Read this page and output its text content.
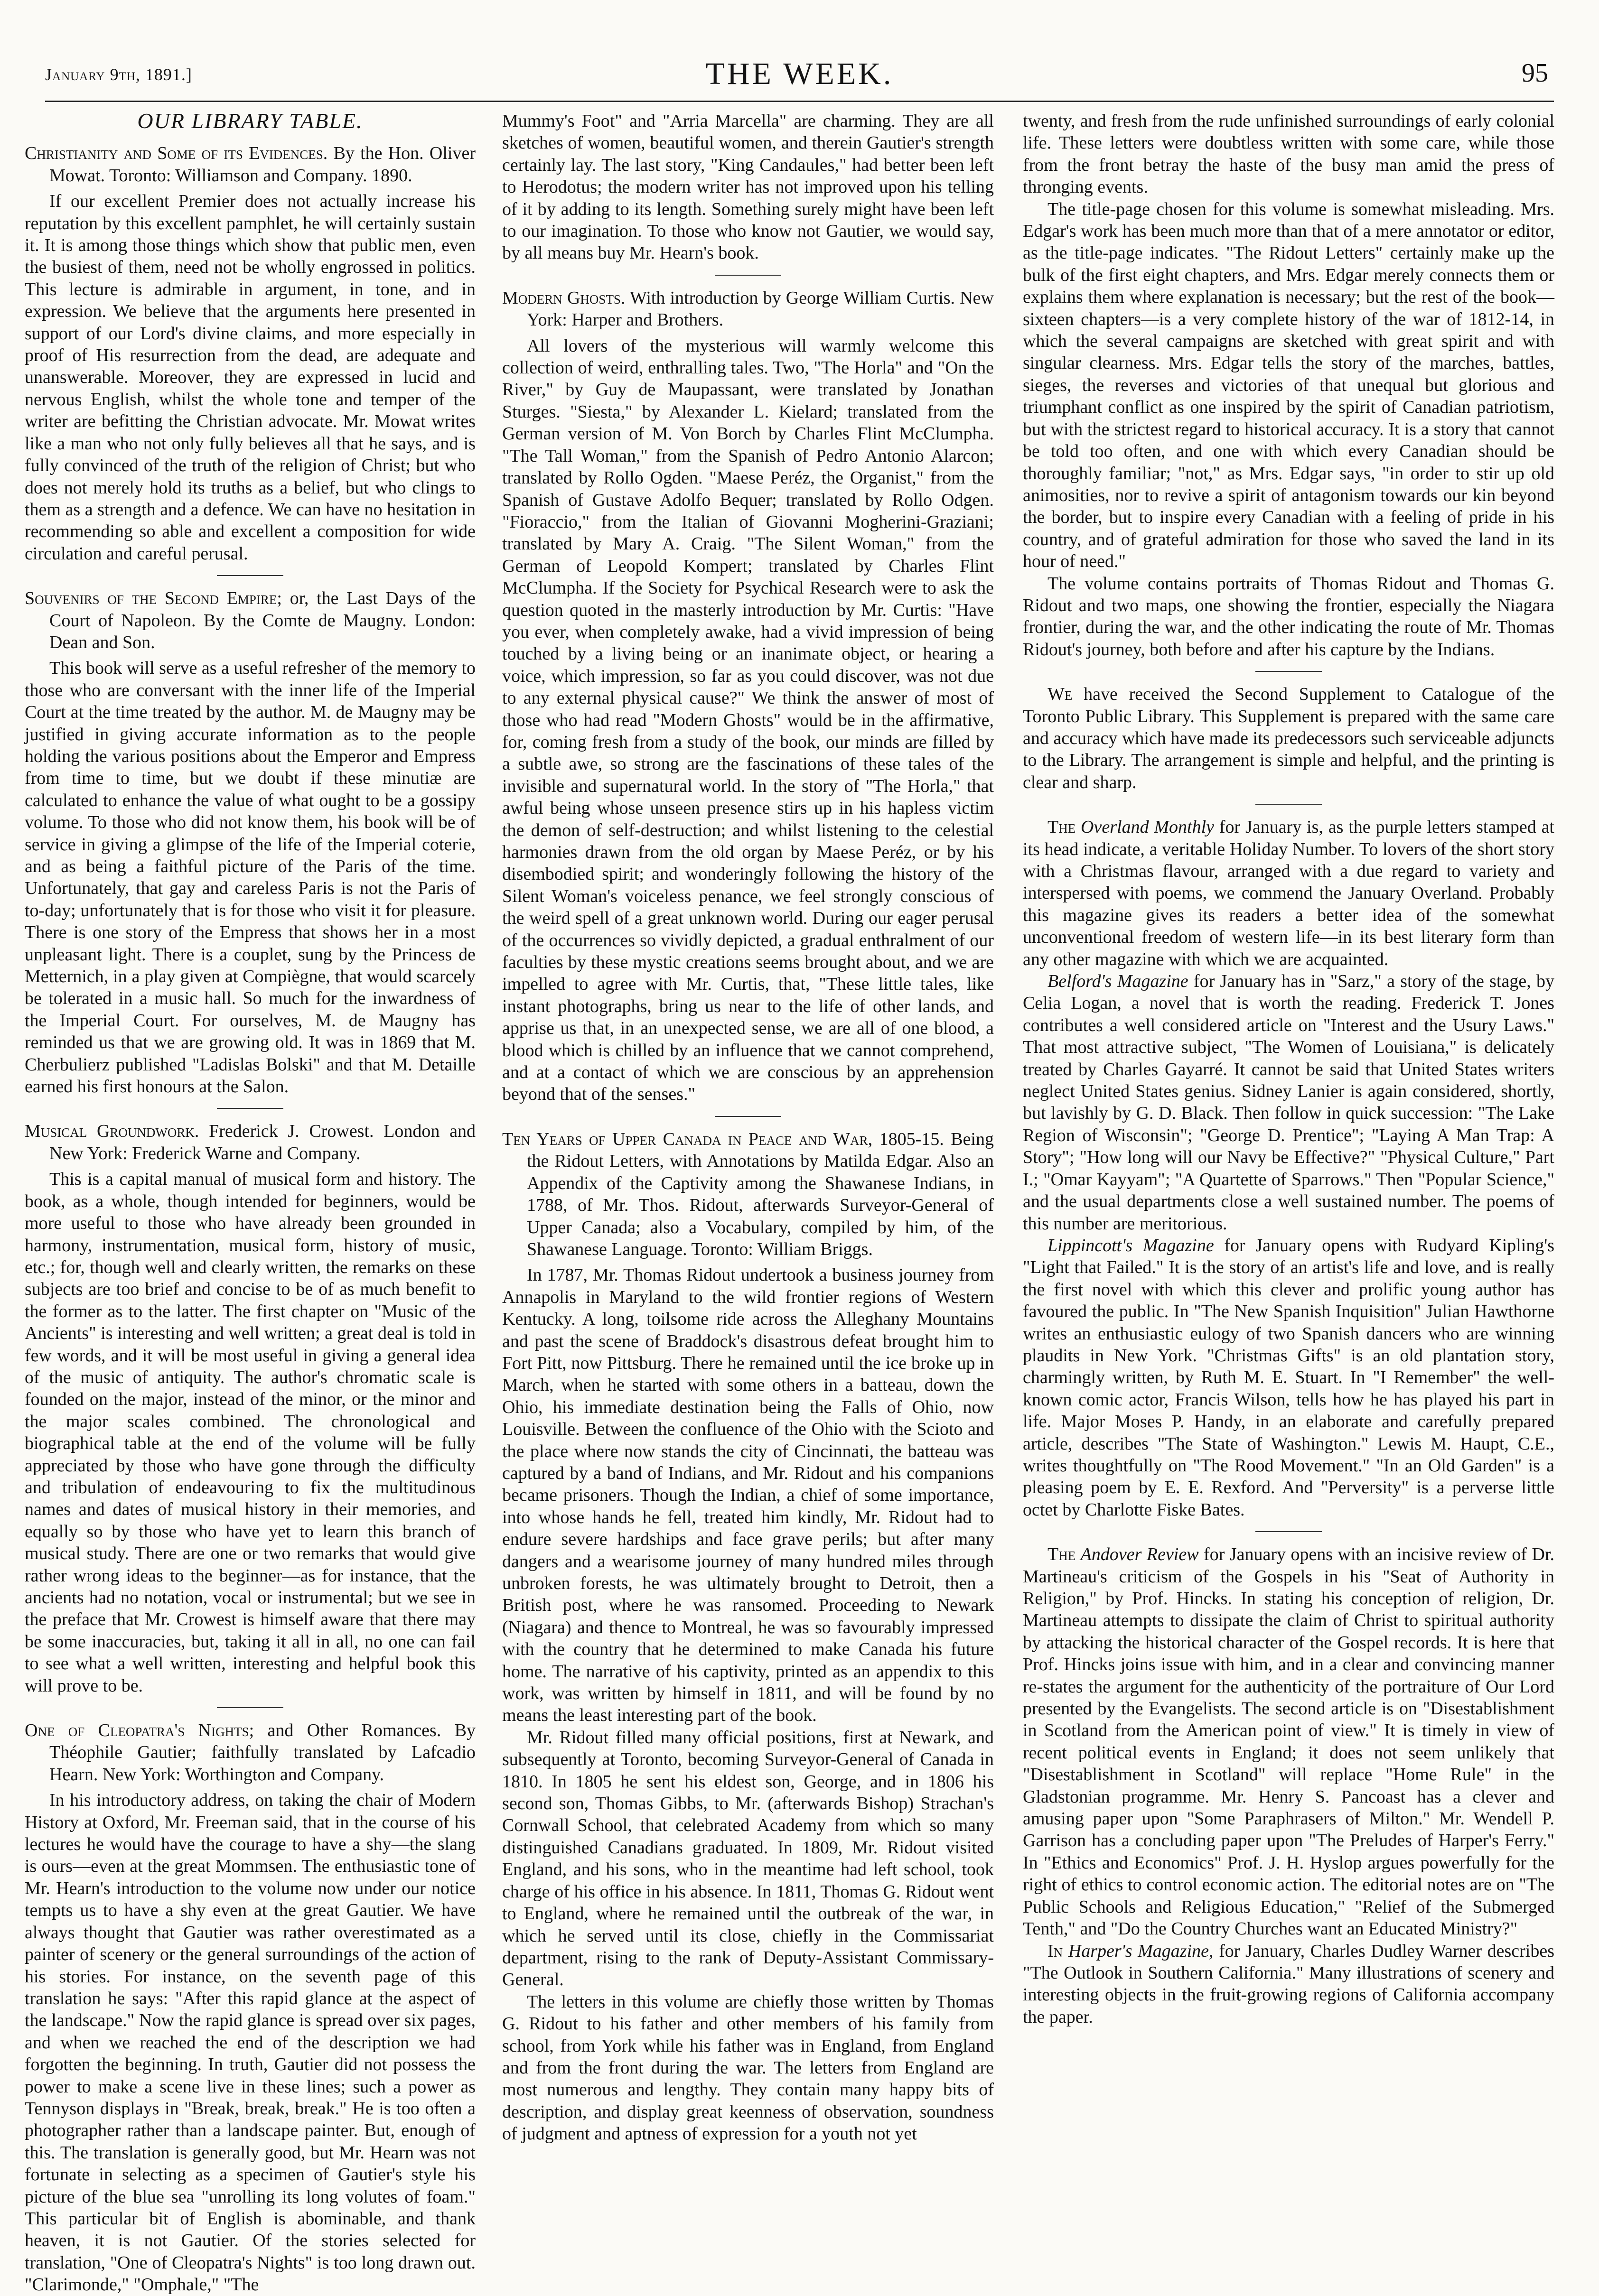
January 9th, 1891.]	THE WEEK.	95
OUR LIBRARY TABLE.

Christianity and Some of its Evidences. By the Hon. Oliver Mowat. Toronto: Williamson and Company. 1890.

If our excellent Premier does not actually increase his reputation by this excellent pamphlet, he will certainly sustain it. It is among those things which show that public men, even the busiest of them, need not be wholly engrossed in politics. This lecture is admirable in argument, in tone, and in expression. We believe that the arguments here presented in support of our Lord's divine claims, and more especially in proof of His resurrection from the dead, are adequate and unanswerable. Moreover, they are expressed in lucid and nervous English, whilst the whole tone and temper of the writer are befitting the Christian advocate. Mr. Mowat writes like a man who not only fully believes all that he says, and is fully convinced of the truth of the religion of Christ; but who does not merely hold its truths as a belief, but who clings to them as a strength and a defence. We can have no hesitation in recommending so able and excellent a composition for wide circulation and careful perusal.

Souvenirs of the Second Empire; or, the Last Days of the Court of Napoleon. By the Comte de Maugny. London: Dean and Son.

This book will serve as a useful refresher of the memory to those who are conversant with the inner life of the Imperial Court at the time treated by the author. M. de Maugny may be justified in giving accurate information as to the people holding the various positions about the Emperor and Empress from time to time, but we doubt if these minutiæ are calculated to enhance the value of what ought to be a gossipy volume. To those who did not know them, his book will be of service in giving a glimpse of the life of the Imperial coterie, and as being a faithful picture of the Paris of the time. Unfortunately, that gay and careless Paris is not the Paris of to-day; unfortunately that is for those who visit it for pleasure. There is one story of the Empress that shows her in a most unpleasant light. There is a couplet, sung by the Princess de Metternich, in a play given at Compiègne, that would scarcely be tolerated in a music hall. So much for the inwardness of the Imperial Court. For ourselves, M. de Maugny has reminded us that we are growing old. It was in 1869 that M. Cherbulierz published "Ladislas Bolski" and that M. Detaille earned his first honours at the Salon.

Musical Groundwork. Frederick J. Crowest. London and New York: Frederick Warne and Company.

This is a capital manual of musical form and history. The book, as a whole, though intended for beginners, would be more useful to those who have already been grounded in harmony, instrumentation, musical form, history of music, etc.; for, though well and clearly written, the remarks on these subjects are too brief and concise to be of as much benefit to the former as to the latter. The first chapter on "Music of the Ancients" is interesting and well written; a great deal is told in few words, and it will be most useful in giving a general idea of the music of antiquity. The author's chromatic scale is founded on the major, instead of the minor, or the minor and the major scales combined. The chronological and biographical table at the end of the volume will be fully appreciated by those who have gone through the difficulty and tribulation of endeavouring to fix the multitudinous names and dates of musical history in their memories, and equally so by those who have yet to learn this branch of musical study. There are one or two remarks that would give rather wrong ideas to the beginner—as for instance, that the ancients had no notation, vocal or instrumental; but we see in the preface that Mr. Crowest is himself aware that there may be some inaccuracies, but, taking it all in all, no one can fail to see what a well written, interesting and helpful book this will prove to be.

One of Cleopatra's Nights; and Other Romances. By Théophile Gautier; faithfully translated by Lafcadio Hearn. New York: Worthington and Company.

In his introductory address, on taking the chair of Modern History at Oxford, Mr. Freeman said, that in the course of his lectures he would have the courage to have a shy—the slang is ours—even at the great Mommsen. The enthusiastic tone of Mr. Hearn's introduction to the volume now under our notice tempts us to have a shy even at the great Gautier. We have always thought that Gautier was rather overestimated as a painter of scenery or the general surroundings of the action of his stories. For instance, on the seventh page of this translation he says: "After this rapid glance at the aspect of the landscape." Now the rapid glance is spread over six pages, and when we reached the end of the description we had forgotten the beginning. In truth, Gautier did not possess the power to make a scene live in these lines; such a power as Tennyson displays in "Break, break, break." He is too often a photographer rather than a landscape painter. But, enough of this. The translation is generally good, but Mr. Hearn was not fortunate in selecting as a specimen of Gautier's style his picture of the blue sea "unrolling its long volutes of foam." This particular bit of English is abominable, and thank heaven, it is not Gautier. Of the stories selected for translation, "One of Cleopatra's Nights" is too long drawn out. "Clarimonde," "Omphale," "The

Mummy's Foot" and "Arria Marcella" are charming. They are all sketches of women, beautiful women, and therein Gautier's strength certainly lay. The last story, "King Candaules," had better been left to Herodotus; the modern writer has not improved upon his telling of it by adding to its length. Something surely might have been left to our imagination. To those who know not Gautier, we would say, by all means buy Mr. Hearn's book.

Modern Ghosts. With introduction by George William Curtis. New York: Harper and Brothers.

All lovers of the mysterious will warmly welcome this collection of weird, enthralling tales. Two, "The Horla" and "On the River," by Guy de Maupassant, were translated by Jonathan Sturges. "Siesta," by Alexander L. Kielard; translated from the German version of M. Von Borch by Charles Flint McClumpha. "The Tall Woman," from the Spanish of Pedro Antonio Alarcon; translated by Rollo Ogden. "Maese Peréz, the Organist," from the Spanish of Gustave Adolfo Bequer; translated by Rollo Odgen. "Fioraccio," from the Italian of Giovanni Mogherini-Graziani; translated by Mary A. Craig. "The Silent Woman," from the German of Leopold Kompert; translated by Charles Flint McClumpha. If the Society for Psychical Research were to ask the question quoted in the masterly introduction by Mr. Curtis: "Have you ever, when completely awake, had a vivid impression of being touched by a living being or an inanimate object, or hearing a voice, which impression, so far as you could discover, was not due to any external physical cause?" We think the answer of most of those who had read "Modern Ghosts" would be in the affirmative, for, coming fresh from a study of the book, our minds are filled by a subtle awe, so strong are the fascinations of these tales of the invisible and supernatural world. In the story of "The Horla," that awful being whose unseen presence stirs up in his hapless victim the demon of self-destruction; and whilst listening to the celestial harmonies drawn from the old organ by Maese Peréz, or by his disembodied spirit; and wonderingly following the history of the Silent Woman's voiceless penance, we feel strongly conscious of the weird spell of a great unknown world. During our eager perusal of the occurrences so vividly depicted, a gradual enthralment of our faculties by these mystic creations seems brought about, and we are impelled to agree with Mr. Curtis, that, "These little tales, like instant photographs, bring us near to the life of other lands, and apprise us that, in an unexpected sense, we are all of one blood, a blood which is chilled by an influence that we cannot comprehend, and at a contact of which we are conscious by an apprehension beyond that of the senses."

Ten Years of Upper Canada in Peace and War, 1805-15. Being the Ridout Letters, with Annotations by Matilda Edgar. Also an Appendix of the Captivity among the Shawanese Indians, in 1788, of Mr. Thos. Ridout, afterwards Surveyor-General of Upper Canada; also a Vocabulary, compiled by him, of the Shawanese Language. Toronto: William Briggs.

In 1787, Mr. Thomas Ridout undertook a business journey from Annapolis in Maryland to the wild frontier regions of Western Kentucky. A long, toilsome ride across the Alleghany Mountains and past the scene of Braddock's disastrous defeat brought him to Fort Pitt, now Pittsburg. There he remained until the ice broke up in March, when he started with some others in a batteau, down the Ohio, his immediate destination being the Falls of Ohio, now Louisville. Between the confluence of the Ohio with the Scioto and the place where now stands the city of Cincinnati, the batteau was captured by a band of Indians, and Mr. Ridout and his companions became prisoners. Though the Indian, a chief of some importance, into whose hands he fell, treated him kindly, Mr. Ridout had to endure severe hardships and face grave perils; but after many dangers and a wearisome journey of many hundred miles through unbroken forests, he was ultimately brought to Detroit, then a British post, where he was ransomed. Proceeding to Newark (Niagara) and thence to Montreal, he was so favourably impressed with the country that he determined to make Canada his future home. The narrative of his captivity, printed as an appendix to this work, was written by himself in 1811, and will be found by no means the least interesting part of the book.

Mr. Ridout filled many official positions, first at Newark, and subsequently at Toronto, becoming Surveyor-General of Canada in 1810. In 1805 he sent his eldest son, George, and in 1806 his second son, Thomas Gibbs, to Mr. (afterwards Bishop) Strachan's Cornwall School, that celebrated Academy from which so many distinguished Canadians graduated. In 1809, Mr. Ridout visited England, and his sons, who in the meantime had left school, took charge of his office in his absence. In 1811, Thomas G. Ridout went to England, where he remained until the outbreak of the war, in which he served until its close, chiefly in the Commissariat department, rising to the rank of Deputy-Assistant Commissary-General.

The letters in this volume are chiefly those written by Thomas G. Ridout to his father and other members of his family from school, from York while his father was in England, from England and from the front during the war. The letters from England are most numerous and lengthy. They contain many happy bits of description, and display great keenness of observation, soundness of judgment and aptness of expression for a youth not yet

twenty, and fresh from the rude unfinished surroundings of early colonial life. These letters were doubtless written with some care, while those from the front betray the haste of the busy man amid the press of thronging events.

The title-page chosen for this volume is somewhat misleading. Mrs. Edgar's work has been much more than that of a mere annotator or editor, as the title-page indicates. "The Ridout Letters" certainly make up the bulk of the first eight chapters, and Mrs. Edgar merely connects them or explains them where explanation is necessary; but the rest of the book—sixteen chapters—is a very complete history of the war of 1812-14, in which the several campaigns are sketched with great spirit and with singular clearness. Mrs. Edgar tells the story of the marches, battles, sieges, the reverses and victories of that unequal but glorious and triumphant conflict as one inspired by the spirit of Canadian patriotism, but with the strictest regard to historical accuracy. It is a story that cannot be told too often, and one with which every Canadian should be thoroughly familiar; "not," as Mrs. Edgar says, "in order to stir up old animosities, nor to revive a spirit of antagonism towards our kin beyond the border, but to inspire every Canadian with a feeling of pride in his country, and of grateful admiration for those who saved the land in its hour of need."

The volume contains portraits of Thomas Ridout and Thomas G. Ridout and two maps, one showing the frontier, especially the Niagara frontier, during the war, and the other indicating the route of Mr. Thomas Ridout's journey, both before and after his capture by the Indians.

We have received the Second Supplement to Catalogue of the Toronto Public Library. This Supplement is prepared with the same care and accuracy which have made its predecessors such serviceable adjuncts to the Library. The arrangement is simple and helpful, and the printing is clear and sharp.

The Overland Monthly for January is, as the purple letters stamped at its head indicate, a veritable Holiday Number. To lovers of the short story with a Christmas flavour, arranged with a due regard to variety and interspersed with poems, we commend the January Overland. Probably this magazine gives its readers a better idea of the somewhat unconventional freedom of western life—in its best literary form than any other magazine with which we are acquainted.

Belford's Magazine for January has in "Sarz," a story of the stage, by Celia Logan, a novel that is worth the reading. Frederick T. Jones contributes a well considered article on "Interest and the Usury Laws." That most attractive subject, "The Women of Louisiana," is delicately treated by Charles Gayarré. It cannot be said that United States writers neglect United States genius. Sidney Lanier is again considered, shortly, but lavishly by G. D. Black. Then follow in quick succession: "The Lake Region of Wisconsin"; "George D. Prentice"; "Laying A Man Trap: A Story"; "How long will our Navy be Effective?" "Physical Culture," Part I.; "Omar Kayyam"; "A Quartette of Sparrows." Then "Popular Science," and the usual departments close a well sustained number. The poems of this number are meritorious.

Lippincott's Magazine for January opens with Rudyard Kipling's "Light that Failed." It is the story of an artist's life and love, and is really the first novel with which this clever and prolific young author has favoured the public. In "The New Spanish Inquisition" Julian Hawthorne writes an enthusiastic eulogy of two Spanish dancers who are winning plaudits in New York. "Christmas Gifts" is an old plantation story, charmingly written, by Ruth M. E. Stuart. In "I Remember" the well-known comic actor, Francis Wilson, tells how he has played his part in life. Major Moses P. Handy, in an elaborate and carefully prepared article, describes "The State of Washington." Lewis M. Haupt, C.E., writes thoughtfully on "The Rood Movement." "In an Old Garden" is a pleasing poem by E. E. Rexford. And "Perversity" is a perverse little octet by Charlotte Fiske Bates.

The Andover Review for January opens with an incisive review of Dr. Martineau's criticism of the Gospels in his "Seat of Authority in Religion," by Prof. Hincks. In stating his conception of religion, Dr. Martineau attempts to dissipate the claim of Christ to spiritual authority by attacking the historical character of the Gospel records. It is here that Prof. Hincks joins issue with him, and in a clear and convincing manner re-states the argument for the authenticity of the portraiture of Our Lord presented by the Evangelists. The second article is on "Disestablishment in Scotland from the American point of view." It is timely in view of recent political events in England; it does not seem unlikely that "Disestablishment in Scotland" will replace "Home Rule" in the Gladstonian programme. Mr. Henry S. Pancoast has a clever and amusing paper upon "Some Paraphrasers of Milton." Mr. Wendell P. Garrison has a concluding paper upon "The Preludes of Harper's Ferry." In "Ethics and Economics" Prof. J. H. Hyslop argues powerfully for the right of ethics to control economic action. The editorial notes are on "The Public Schools and Religious Education," "Relief of the Submerged Tenth," and "Do the Country Churches want an Educated Ministry?"

In Harper's Magazine, for January, Charles Dudley Warner describes "The Outlook in Southern California." Many illustrations of scenery and interesting objects in the fruit-growing regions of California accompany the paper.
